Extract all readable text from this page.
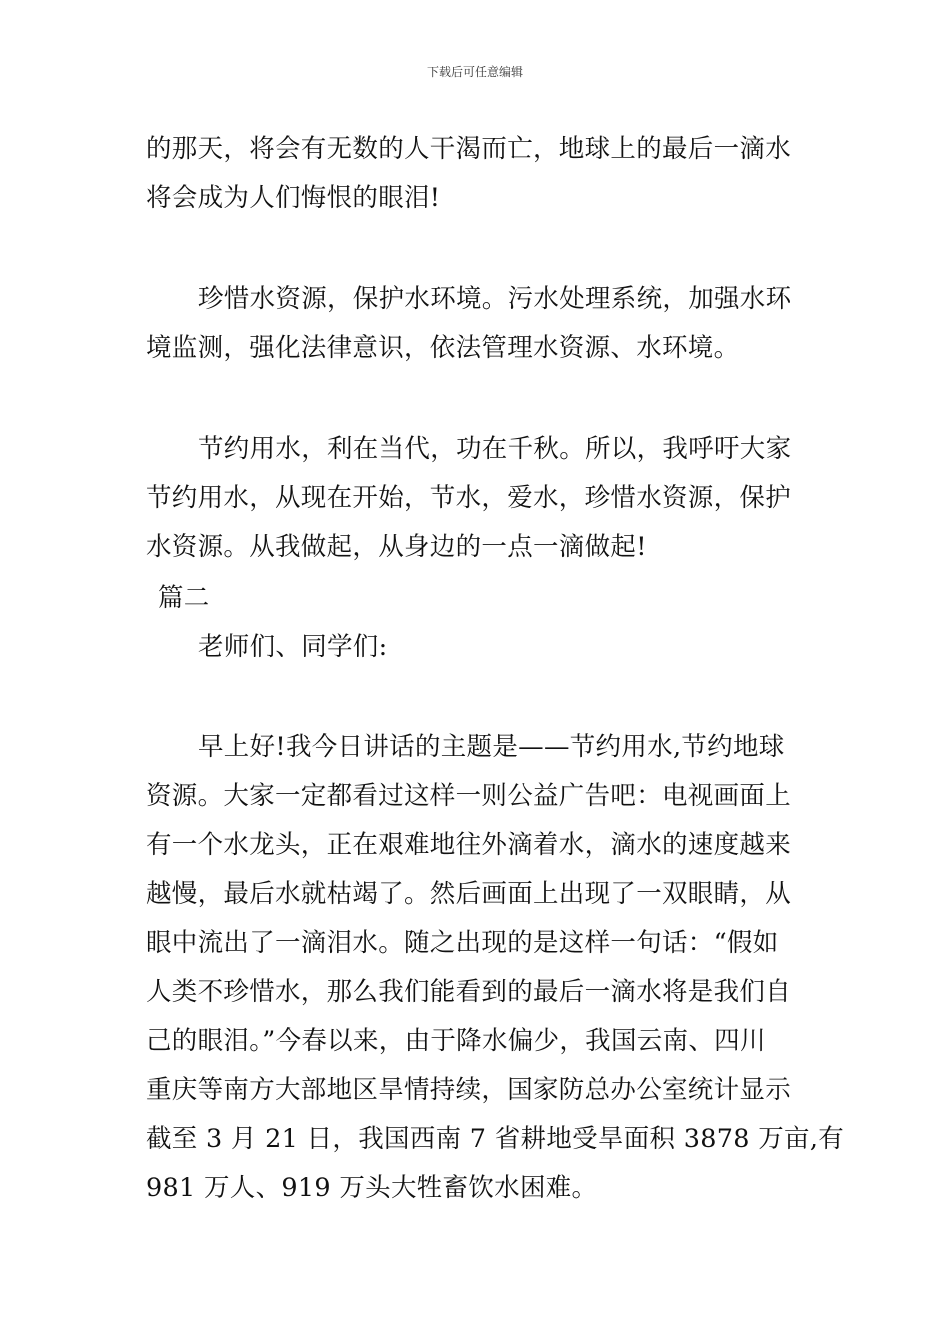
下载后可任意编辑
的那天，将会有无数的人干渴而亡，地球上的最后一滴水
将会成为人们悔恨的眼泪!
珍惜水资源，保护水环境。污水处理系统，加强水环
境监测，强化法律意识，依法管理水资源、水环境。
节约用水，利在当代，功在千秋。所以，我呼吁大家
节约用水，从现在开始，节水，爱水，珍惜水资源，保护
水资源。从我做起，从身边的一点一滴做起!
篇二
老师们、同学们:
早上好!我今日讲话的主题是——节约用水,节约地球
资源。大家一定都看过这样一则公益广告吧：电视画面上
有一个水龙头，正在艰难地往外滴着水，滴水的速度越来
越慢，最后水就枯竭了。然后画面上出现了一双眼睛，从
眼中流出了一滴泪水。随之出现的是这样一句话：“假如
人类不珍惜水，那么我们能看到的最后一滴水将是我们自
己的眼泪。”今春以来，由于降水偏少，我国云南、四川
重庆等南方大部地区旱情持续，国家防总办公室统计显示
截至 3 月 21 日，我国西南 7 省耕地受旱面积 3878 万亩,有
981 万人、919 万头大牲畜饮水困难。
